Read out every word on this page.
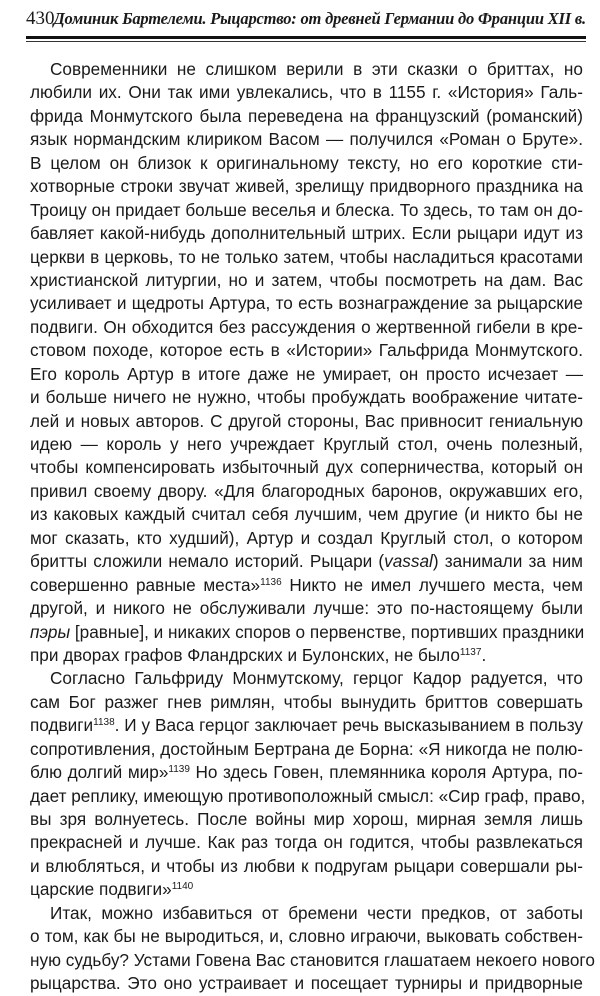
430
Доминик Бартелеми. Рыцарство: от древней Германии до Франции XII в.
Современники не слишком верили в эти сказки о бриттах, но
любили их. Они так ими увлекались, что в 1155 г. «История» Галь-
фрида Монмутского была переведена на французский (романский)
язык нормандским клириком Васом — получился «Роман о Бруте».
В целом он близок к оригинальному тексту, но его короткие сти-
хотворные строки звучат живей, зрелищу придворного праздника на
Троицу он придает больше веселья и блеска. То здесь, то там он до-
бавляет какой-нибудь дополнительный штрих. Если рыцари идут из
церкви в церковь, то не только затем, чтобы насладиться красотами
христианской литургии, но и затем, чтобы посмотреть на дам. Вас
усиливает и щедроты Артура, то есть вознаграждение за рыцарские
подвиги. Он обходится без рассуждения о жертвенной гибели в кре-
стовом походе, которое есть в «Истории» Гальфрида Монмутского.
Его король Артур в итоге даже не умирает, он просто исчезает —
и больше ничего не нужно, чтобы пробуждать воображение читате-
лей и новых авторов. С другой стороны, Вас привносит гениальную
идею — король у него учреждает Круглый стол, очень полезный,
чтобы компенсировать избыточный дух соперничества, который он
привил своему двору. «Для благородных баронов, окружавших его,
из каковых каждый считал себя лучшим, чем другие (и никто бы не
мог сказать, кто худший), Артур и создал Круглый стол, о котором
бритты сложили немало историй. Рыцари (vassal) занимали за ним
совершенно равные места»$^{1136}$ Никто не имел лучшего места, чем
другой, и никого не обслуживали лучше: это по-настоящему были
пэры [равные], и никаких споров о первенстве, портивших праздники
при дворах графов Фландрских и Булонских, не было$^{1137}$.
Согласно Гальфриду Монмутскому, герцог Кадор радуется, что
сам Бог разжег гнев римлян, чтобы вынудить бриттов совершать
подвиги$^{1138}$. И у Васа герцог заключает речь высказыванием в пользу
сопротивления, достойным Бертрана де Борна: «Я никогда не полю-
блю долгий мир»$^{1139}$ Но здесь Говен, племянника короля Артура, по-
дает реплику, имеющую противоположный смысл: «Сир граф, право,
вы зря волнуетесь. После войны мир хорош, мирная земля лишь
прекрасней и лучше. Как раз тогда он годится, чтобы развлекаться
и влюбляться, и чтобы из любви к подругам рыцари совершали ры-
царские подвиги»$^{1140}$
Итак, можно избавиться от бремени чести предков, от заботы
о том, как бы не выродиться, и, словно играючи, выковать собствен-
ную судьбу? Устами Говена Вас становится глашатаем некоего нового
рыцарства. Это оно устраивает и посещает турниры и придворные
